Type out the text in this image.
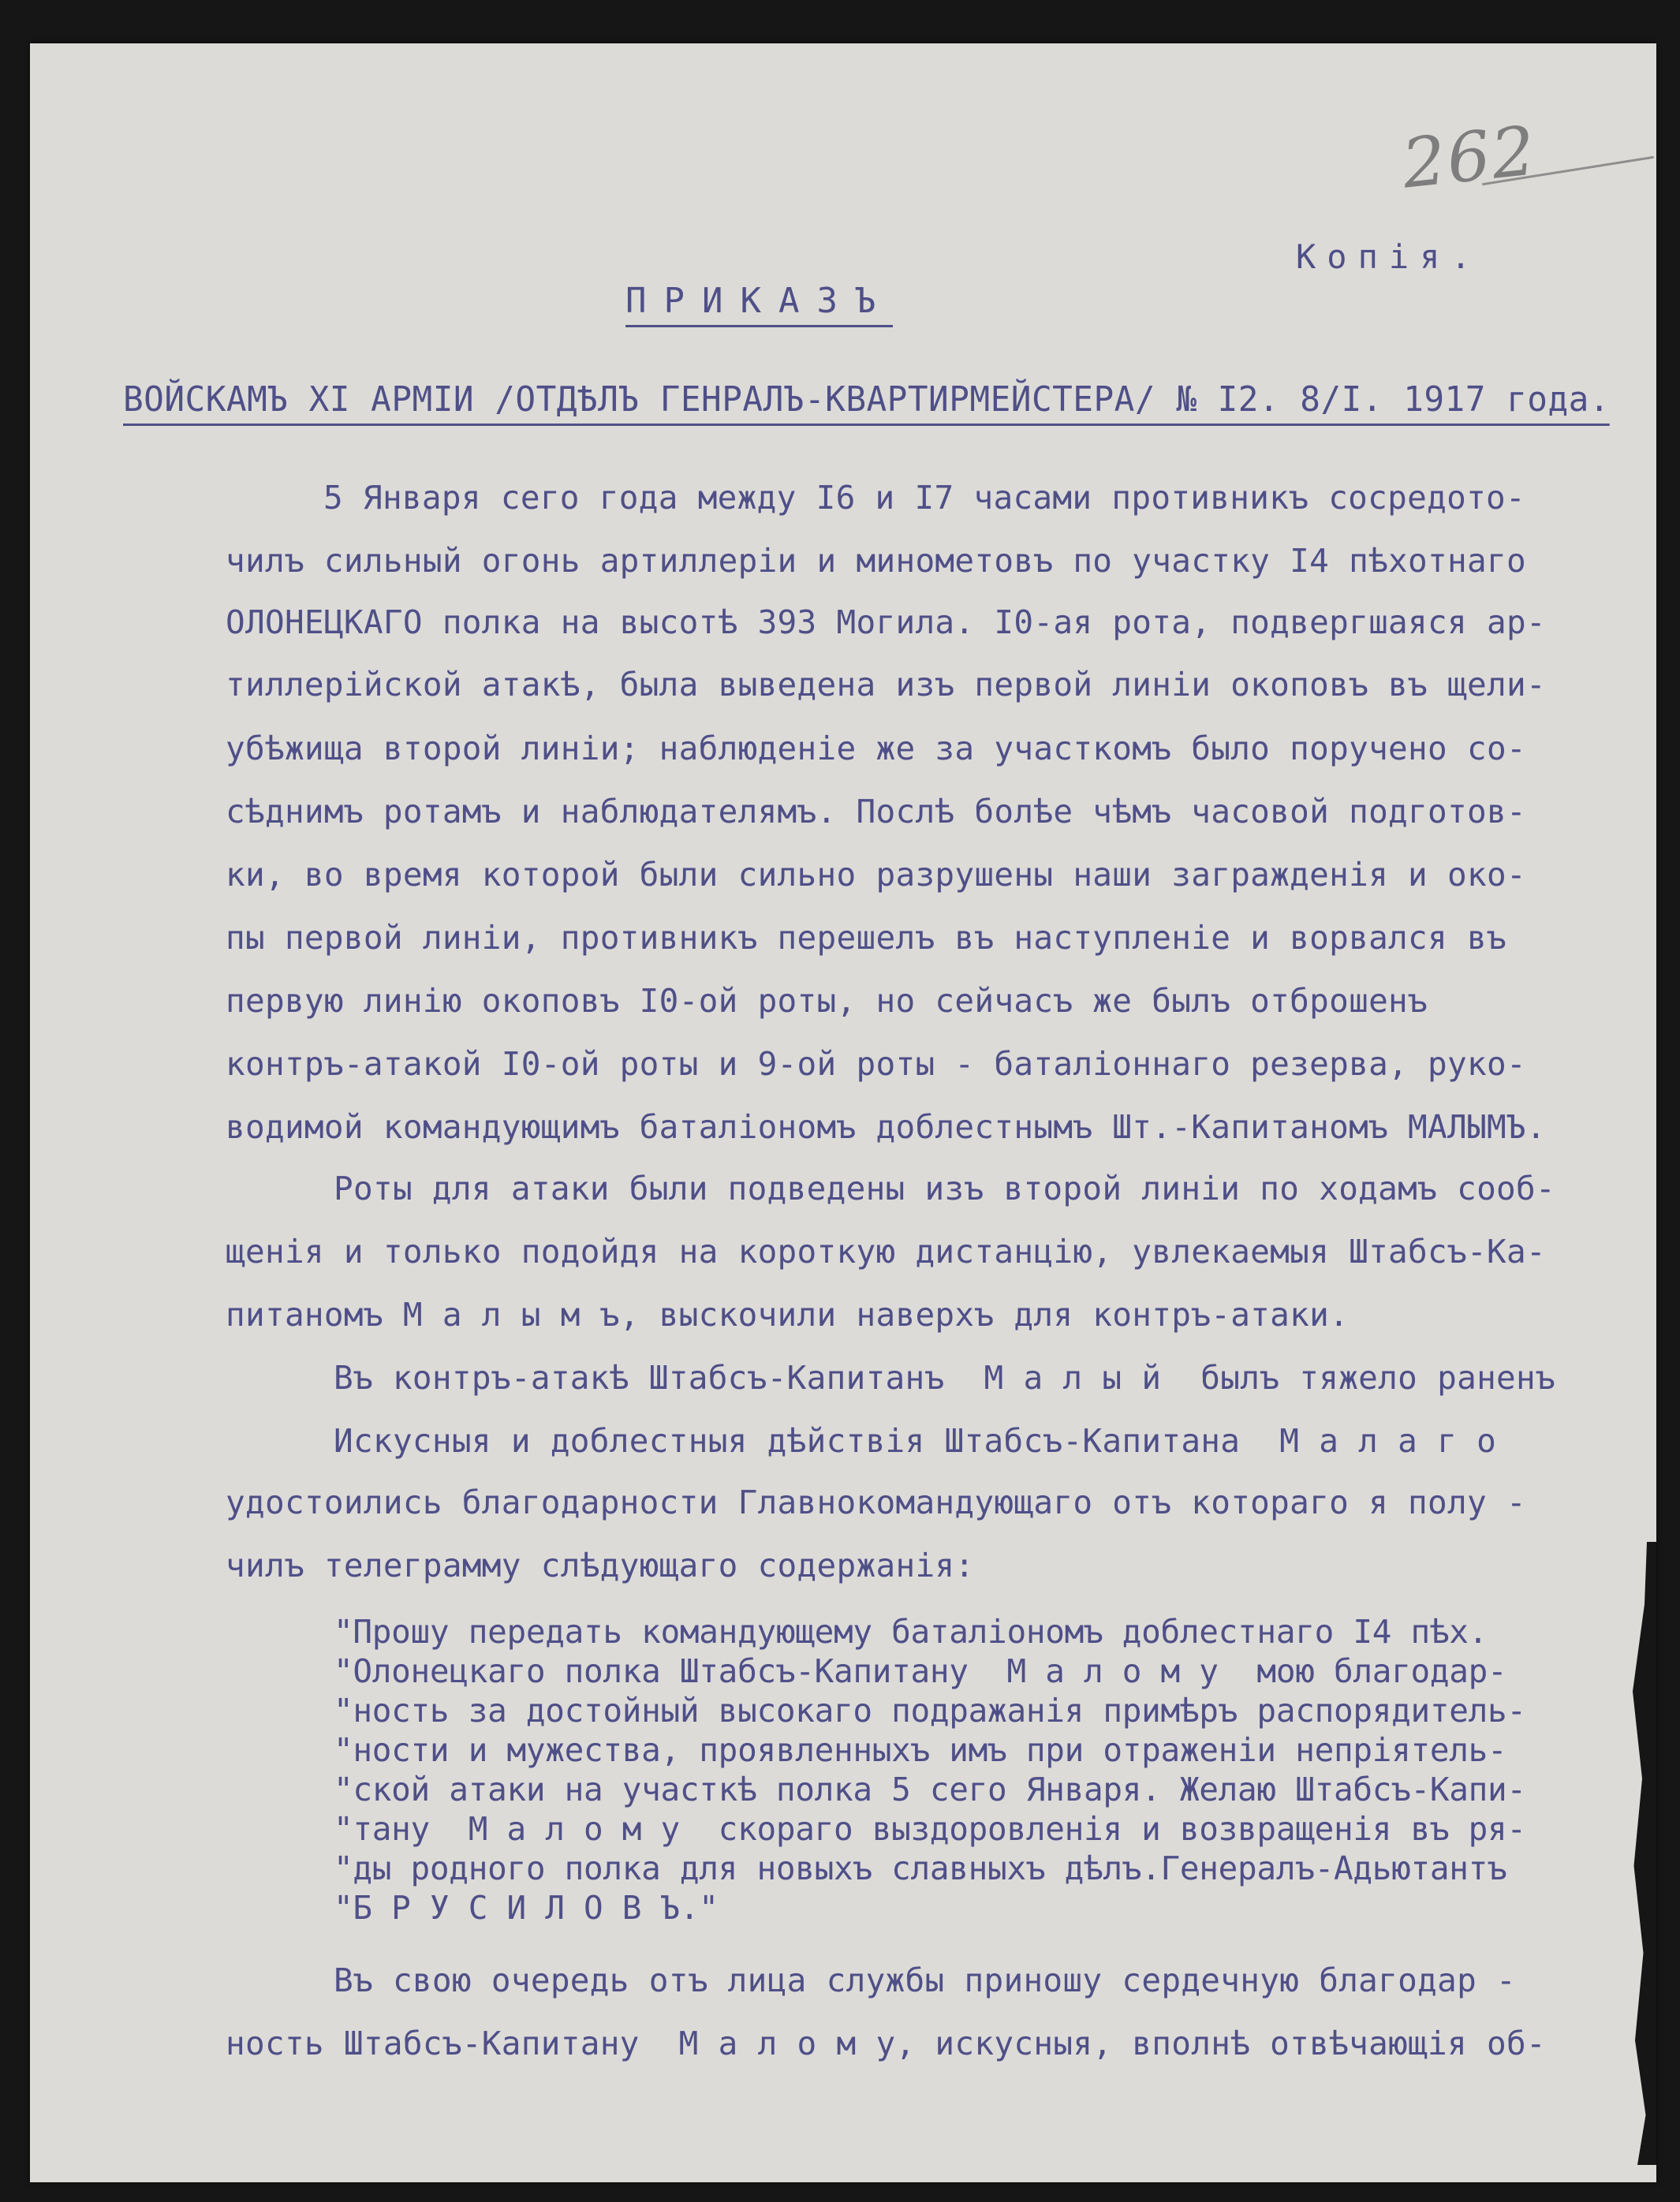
262
Копія.
ПРИКАЗЪ
ВОЙСКАМЪ XI АРМІИ /ОТДѢЛЪ ГЕНРАЛЪ-КВАРТИРМЕЙСТЕРА/ № I2. 8/I. 1917 года.
5 Января сего года между I6 и I7 часами противникъ сосредото-
чилъ сильный огонь артиллеріи и минометовъ по участку I4 пѣхотнаго
ОЛОНЕЦКАГО полка на высотѣ 393 Могила. I0-ая рота, подвергшаяся ар-
тиллерійской атакѣ, была выведена изъ первой линіи окоповъ въ щели-
убѣжища второй линіи; наблюденіе же за участкомъ было поручено со-
сѣднимъ ротамъ и наблюдателямъ. Послѣ болѣе чѣмъ часовой подготов-
ки, во время которой были сильно разрушены наши загражденія и око-
пы первой линіи, противникъ перешелъ въ наступленіе и ворвался въ
первую линію окоповъ I0-ой роты, но сейчасъ же былъ отброшенъ
контръ-атакой I0-ой роты и 9-ой роты - баталіоннаго резерва, руко-
водимой командующимъ баталіономъ доблестнымъ Шт.-Капитаномъ МАЛЫМЪ.
Роты для атаки были подведены изъ второй линіи по ходамъ сооб-
щенія и только подойдя на короткую дистанцію, увлекаемыя Штабсъ-Ка-
питаномъ М а л ы м ъ, выскочили наверхъ для контръ-атаки.
Въ контръ-атакѣ Штабсъ-Капитанъ  М а л ы й  былъ тяжело раненъ
Искусныя и доблестныя дѣйствія Штабсъ-Капитана  М а л а г о
удостоились благодарности Главнокомандующаго отъ котораго я полу -
чилъ телеграмму слѣдующаго содержанія:
"Прошу передать командующему баталіономъ доблестнаго I4 пѣх.
"Олонецкаго полка Штабсъ-Капитану  М а л о м у  мою благодар-
"ность за достойный высокаго подражанія примѣръ распорядитель-
"ности и мужества, проявленныхъ имъ при отраженіи непріятель-
"ской атаки на участкѣ полка 5 сего Января. Желаю Штабсъ-Капи-
"тану  М а л о м у  скораго выздоровленія и возвращенія въ ря-
"ды родного полка для новыхъ славныхъ дѣлъ.Генералъ-Адьютантъ
"Б Р У С И Л О В Ъ."
Въ свою очередь отъ лица службы приношу сердечную благодар -
ность Штабсъ-Капитану  М а л о м у, искусныя, вполнѣ отвѣчающія об-
